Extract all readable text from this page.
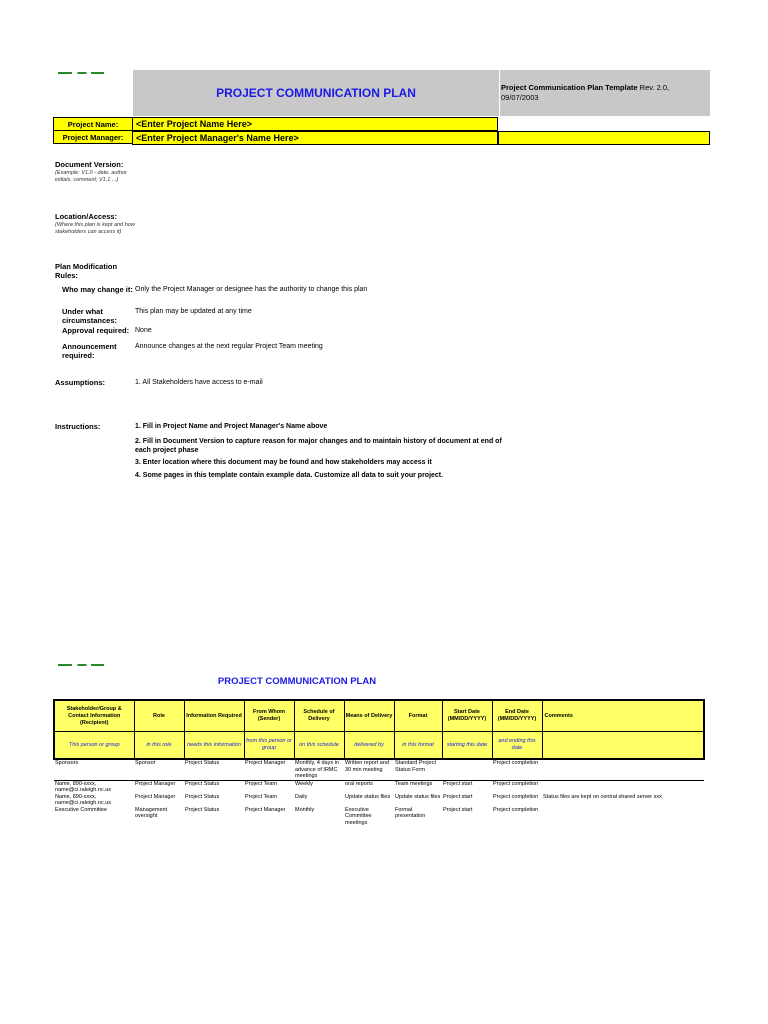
PROJECT COMMUNICATION PLAN	Project Communication Plan Template Rev. 2.0, 09/07/2003
Project Name:	<Enter Project Name Here>
Project Manager:	<Enter Project Manager's Name Here>
Document Version:
(Example: V1.0 - date, author initials, comment; V1.1 ...)
Location/Access:
(Where this plan is kept and how stakeholders can access it)
Plan Modification Rules:
Who may change it: Only the Project Manager or designee has the authority to change this plan
Under what circumstances:
This plan may be updated at any time
Approval required: None
Announcement required:
Announce changes at the next regular Project Team meeting
Assumptions:	1. All Stakeholders have access to e-mail
Instructions:	1. Fill in Project Name and Project Manager's Name above
2. Fill in Document Version to capture reason for major changes and to maintain history of document at end of each project phase
3. Enter location where this document may be found and how stakeholders may access it
4. Some pages in this template contain example data. Customize all data to suit your project.
PROJECT COMMUNICATION PLAN
Stakeholder/Group & Contact Information (Recipient)	Role	Information Required	From Whom (Sender)	Schedule of Delivery	Means of Delivery	Format	Start Date (MM/DD/YYYY)	End Date (MM/DD/YYYY)	Comments
This person or group	in this role	needs this information	from this person or group	on this schedule	delivered by	in this format	starting this date	and ending this date	
Sponsors	Sponsor	Project Status	Project Manager	Monthly, 4 days in advance of IRMC meetings	Written report and 30 min meeting	Standard Project Status Form		Project completion	
Name, 890-xxxx, name@ci.raleigh.nc.us	Project Manager	Project Status	Project Team	Weekly	oral reports	Team meetings	Project start	Project completion	
Name, 890-xxxx, name@ci.raleigh.nc.us	Project Manager	Project Status	Project Team	Daily	Update status files	Update status files	Project start	Project completion	Status files are kept on central shared server xxx
Executive Committee	Management oversight	Project Status	Project Manager	Monthly	Executive Committee meetings	Formal presentation	Project start	Project completion	
